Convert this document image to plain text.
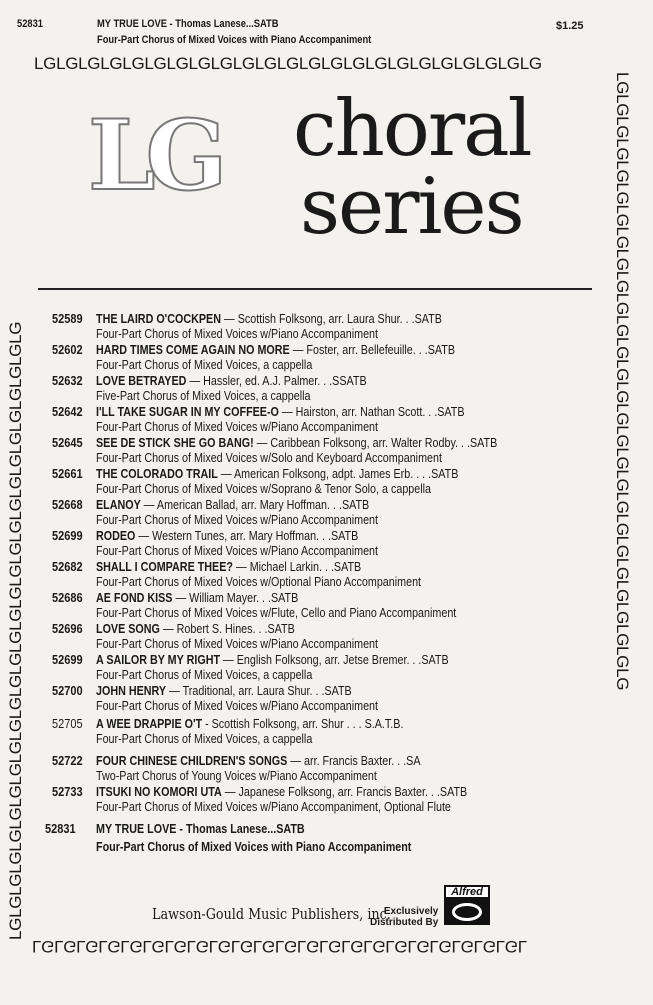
52831	MY TRUE LOVE - Thomas Lanese...SATB
Four-Part Chorus of Mixed Voices with Piano Accompaniment
$1.25
LGLGLGLGLGLGLGLGLGLGLGLGLGLGLGLGLGLGLGLGLGLGLG
LGLGLGLGLGLGLGLGLGLGLGLGLGLGLGLGLGLGLGLGLGLGLGLGLGLGLGLG	LGLGLGLGLGLGLGLGLGLGLGLGLGLGLGLGLGLGLGLGLGLGLGLGLGLGLGLG
LGLGLGLGLGLGLGLGLGLGLGLGLGLGLGLGLGLGLGLGLGLGL
LG choral
series
52589 THE LAIRD O'COCKPEN — Scottish Folksong, arr. Laura Shur. . .SATB
Four-Part Chorus of Mixed Voices w/Piano Accompaniment
52602 HARD TIMES COME AGAIN NO MORE — Foster, arr. Bellefeuille. . .SATB
Four-Part Chorus of Mixed Voices, a cappella
52632 LOVE BETRAYED — Hassler, ed. A.J. Palmer. . .SSATB
Five-Part Chorus of Mixed Voices, a cappella
52642 I'LL TAKE SUGAR IN MY COFFEE-O — Hairston, arr. Nathan Scott. . .SATB
Four-Part Chorus of Mixed Voices w/Piano Accompaniment
52645 SEE DE STICK SHE GO BANG! — Caribbean Folksong, arr. Walter Rodby. . .SATB
Four-Part Chorus of Mixed Voices w/Solo and Keyboard Accompaniment
52661 THE COLORADO TRAIL — American Folksong, adpt. James Erb. . . .SATB
Four-Part Chorus of Mixed Voices w/Soprano & Tenor Solo, a cappella
52668 ELANOY — American Ballad, arr. Mary Hoffman. . .SATB
Four-Part Chorus of Mixed Voices w/Piano Accompaniment
52699 RODEO — Western Tunes, arr. Mary Hoffman. . .SATB
Four-Part Chorus of Mixed Voices w/Piano Accompaniment
52682 SHALL I COMPARE THEE? — Michael Larkin. . .SATB
Four-Part Chorus of Mixed Voices w/Optional Piano Accompaniment
52686 AE FOND KISS — William Mayer. . .SATB
Four-Part Chorus of Mixed Voices w/Flute, Cello and Piano Accompaniment
52696 LOVE SONG — Robert S. Hines. . .SATB
Four-Part Chorus of Mixed Voices w/Piano Accompaniment
52699 A SAILOR BY MY RIGHT — English Folksong, arr. Jetse Bremer. . .SATB
Four-Part Chorus of Mixed Voices, a cappella
52700 JOHN HENRY — Traditional, arr. Laura Shur. . .SATB
Four-Part Chorus of Mixed Voices w/Piano Accompaniment
52705 A WEE DRAPPIE O'T - Scottish Folksong, arr. Shur . . . S.A.T.B.
Four-Part Chorus of Mixed Voices, a cappella
52722 FOUR CHINESE CHILDREN'S SONGS — arr. Francis Baxter. . .SA
Two-Part Chorus of Young Voices w/Piano Accompaniment
52733 ITSUKI NO KOMORI UTA — Japanese Folksong, arr. Francis Baxter. . .SATB
Four-Part Chorus of Mixed Voices w/Piano Accompaniment, Optional Flute
52831 MY TRUE LOVE - Thomas Lanese...SATB
Four-Part Chorus of Mixed Voices with Piano Accompaniment
Lawson-Gould Music Publishers, inc.
Exclusively
Distributed By
Alfred
